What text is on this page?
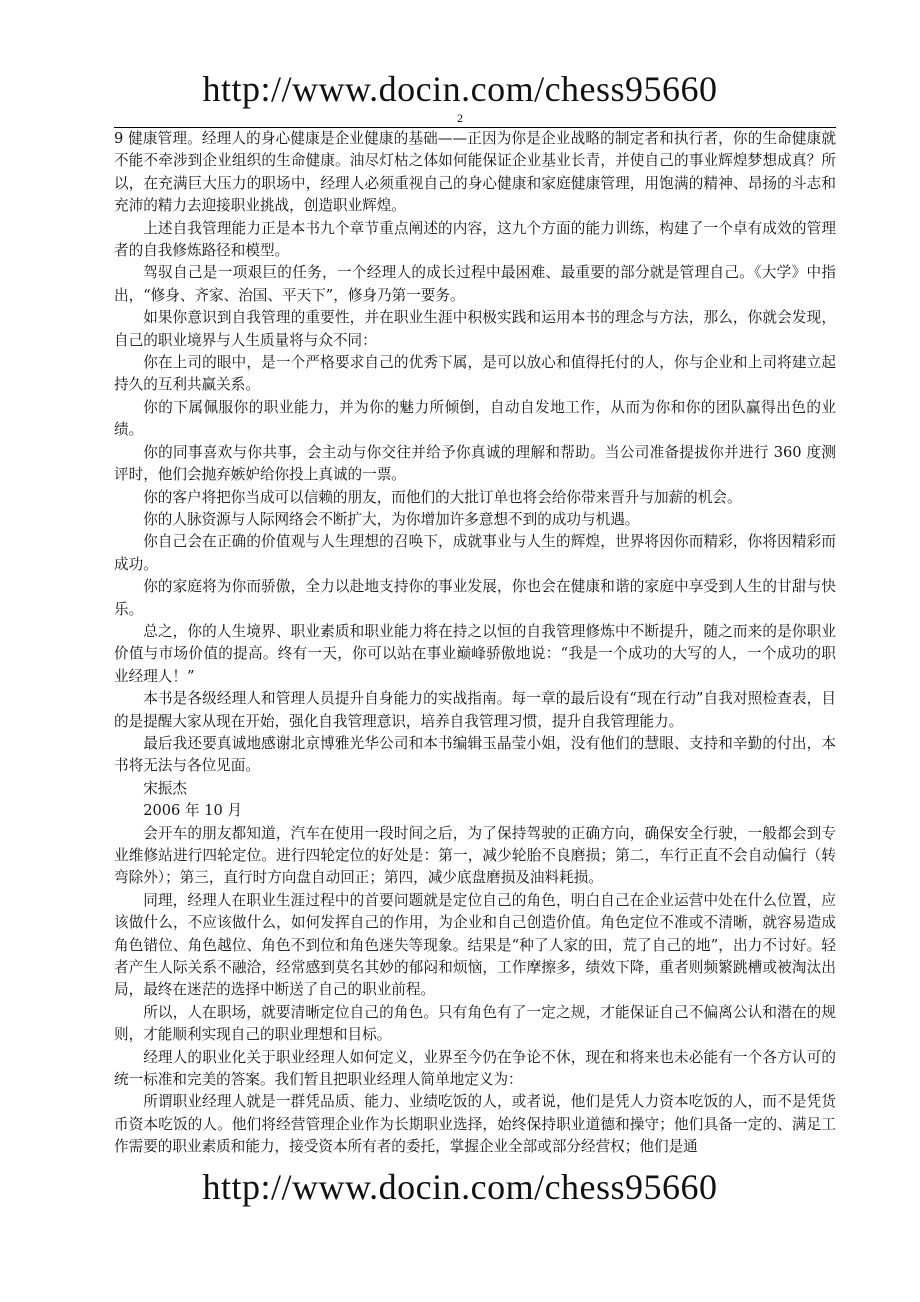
http://www.docin.com/chess95660
2

9 健康管理。经理人的身心健康是企业健康的基础——正因为你是企业战略的制定者和执行者，你的生命健康就不能不牵涉到企业组织的生命健康。油尽灯枯之体如何能保证企业基业长青，并使自己的事业辉煌梦想成真？所以，在充满巨大压力的职场中，经理人必须重视自己的身心健康和家庭健康管理，用饱满的精神、昂扬的斗志和充沛的精力去迎接职业挑战，创造职业辉煌。

上述自我管理能力正是本书九个章节重点阐述的内容，这九个方面的能力训练，构建了一个卓有成效的管理者的自我修炼路径和模型。

驾驭自己是一项艰巨的任务，一个经理人的成长过程中最困难、最重要的部分就是管理自己。《大学》中指出，“修身、齐家、治国、平天下”，修身乃第一要务。

如果你意识到自我管理的重要性，并在职业生涯中积极实践和运用本书的理念与方法，那么，你就会发现，自己的职业境界与人生质量将与众不同：

你在上司的眼中，是一个严格要求自己的优秀下属，是可以放心和值得托付的人，你与企业和上司将建立起持久的互利共赢关系。

你的下属佩服你的职业能力，并为你的魅力所倾倒，自动自发地工作，从而为你和你的团队赢得出色的业绩。

你的同事喜欢与你共事，会主动与你交往并给予你真诚的理解和帮助。当公司准备提拔你并进行 360 度测评时，他们会抛弃嫉妒给你投上真诚的一票。

你的客户将把你当成可以信赖的朋友，而他们的大批订单也将会给你带来晋升与加薪的机会。

你的人脉资源与人际网络会不断扩大，为你增加许多意想不到的成功与机遇。

你自己会在正确的价值观与人生理想的召唤下，成就事业与人生的辉煌，世界将因你而精彩，你将因精彩而成功。

你的家庭将为你而骄傲，全力以赴地支持你的事业发展，你也会在健康和谐的家庭中享受到人生的甘甜与快乐。

总之，你的人生境界、职业素质和职业能力将在持之以恒的自我管理修炼中不断提升，随之而来的是你职业价值与市场价值的提高。终有一天，你可以站在事业巅峰骄傲地说：“我是一个成功的大写的人，一个成功的职业经理人！”

本书是各级经理人和管理人员提升自身能力的实战指南。每一章的最后设有“现在行动”自我对照检查表，目的是提醒大家从现在开始，强化自我管理意识，培养自我管理习惯，提升自我管理能力。

最后我还要真诚地感谢北京博雅光华公司和本书编辑玉晶莹小姐，没有他们的慧眼、支持和辛勤的付出，本书将无法与各位见面。

宋振杰

2006 年 10 月

会开车的朋友都知道，汽车在使用一段时间之后，为了保持驾驶的正确方向，确保安全行驶，一般都会到专业维修站进行四轮定位。进行四轮定位的好处是：第一，减少轮胎不良磨损；第二，车行正直不会自动偏行（转弯除外）；第三，直行时方向盘自动回正；第四，减少底盘磨损及油料耗损。

同理，经理人在职业生涯过程中的首要问题就是定位自己的角色，明白自己在企业运营中处在什么位置，应该做什么，不应该做什么，如何发挥自己的作用，为企业和自己创造价值。角色定位不准或不清晰，就容易造成角色错位、角色越位、角色不到位和角色迷失等现象。结果是“种了人家的田，荒了自己的地”，出力不讨好。轻者产生人际关系不融洽，经常感到莫名其妙的郁闷和烦恼，工作摩擦多，绩效下降，重者则频繁跳槽或被淘汰出局，最终在迷茫的选择中断送了自己的职业前程。

所以，人在职场，就要清晰定位自己的角色。只有角色有了一定之规，才能保证自己不偏离公认和潜在的规则，才能顺利实现自己的职业理想和目标。

经理人的职业化关于职业经理人如何定义，业界至今仍在争论不休，现在和将来也未必能有一个各方认可的统一标准和完美的答案。我们暂且把职业经理人简单地定义为：

所谓职业经理人就是一群凭品质、能力、业绩吃饭的人，或者说，他们是凭人力资本吃饭的人，而不是凭货币资本吃饭的人。他们将经营管理企业作为长期职业选择，始终保持职业道德和操守；他们具备一定的、满足工作需要的职业素质和能力，接受资本所有者的委托，掌握企业全部或部分经营权；他们是通

http://www.docin.com/chess95660
